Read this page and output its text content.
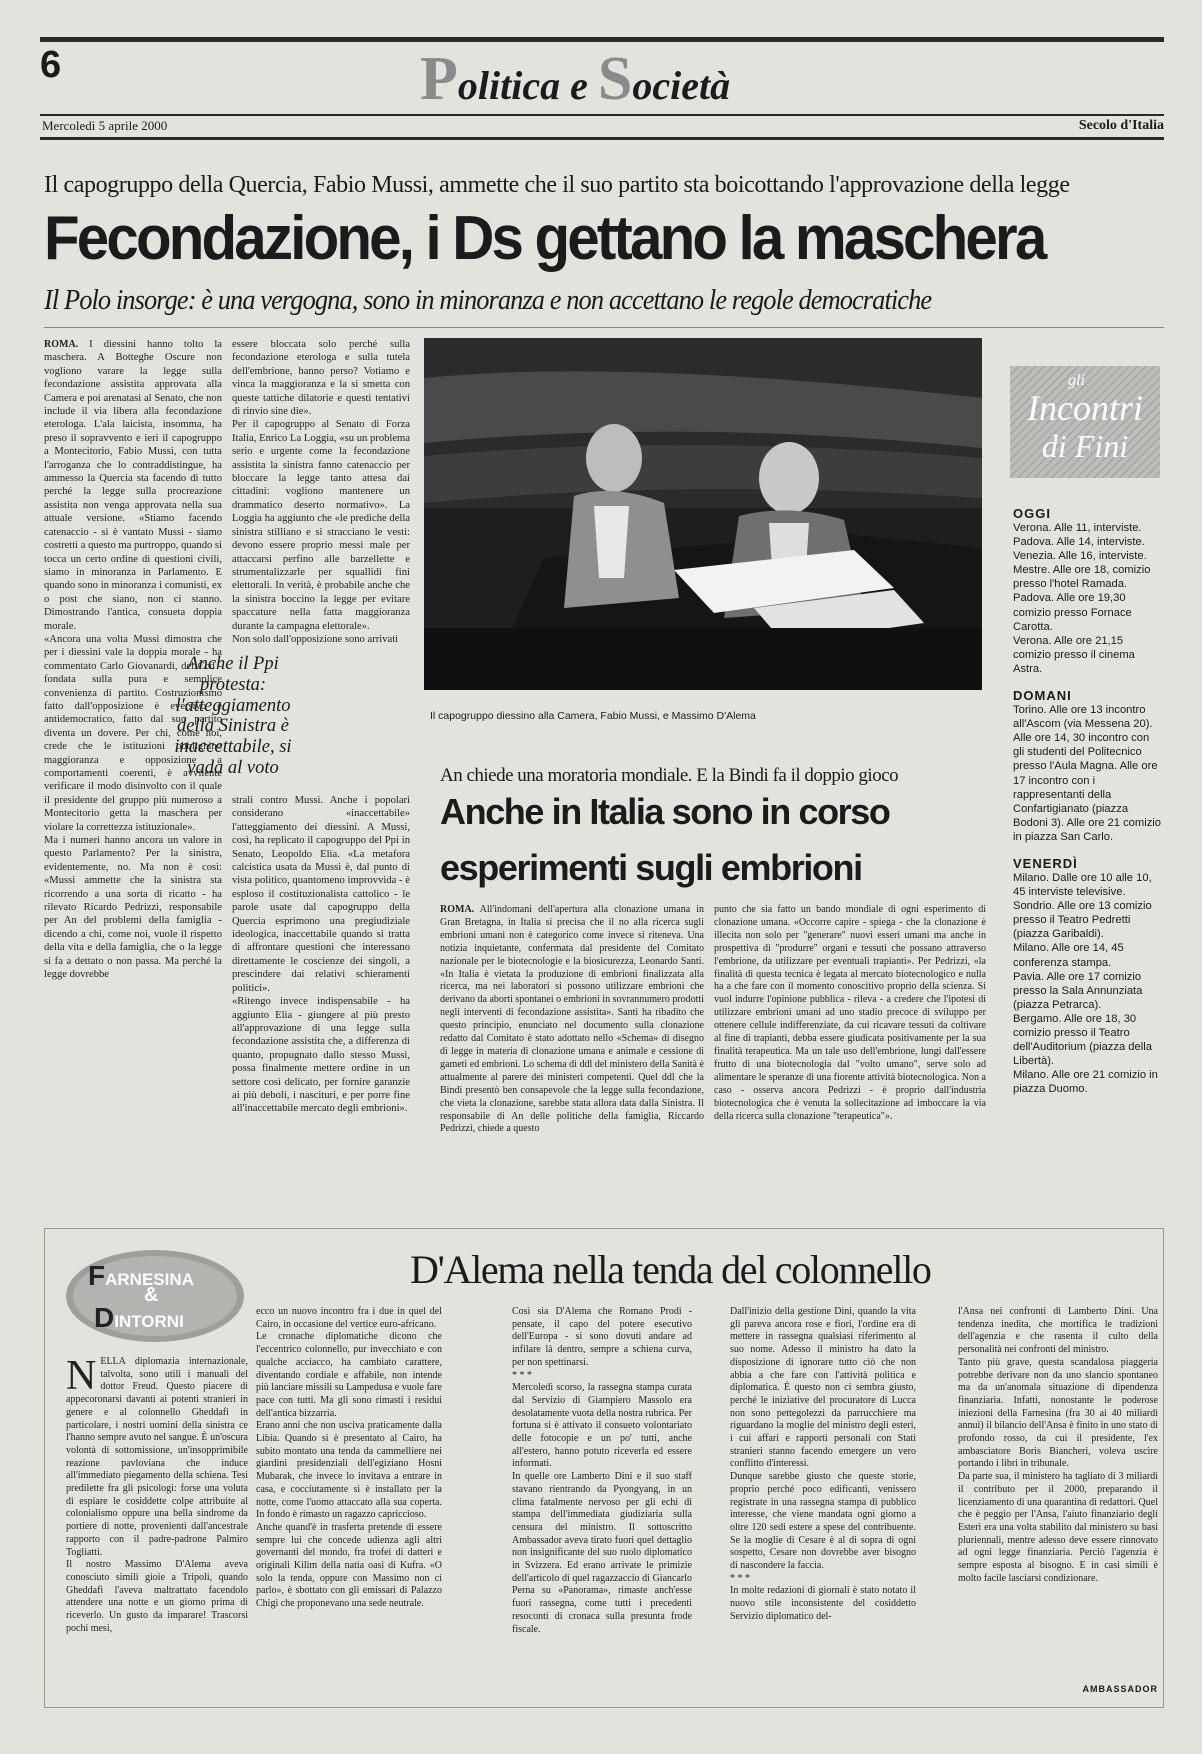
6	Politica e Società
Mercoledì 5 aprile 2000	Secolo d'Italia
Il capogruppo della Quercia, Fabio Mussi, ammette che il suo partito sta boicottando l'approvazione della legge
Fecondazione, i Ds gettano la maschera
Il Polo insorge: è una vergogna, sono in minoranza e non accettano le regole democratiche
ROMA. I diessini hanno tolto la maschera. A Botteghe Oscure non vogliono varare la legge sulla fecondazione assistita approvata alla Camera e poi arenatasi al Senato, che non include il via libera alla fecondazione eterologa. L'ala laicista, insomma, ha preso il sopravvento e ieri il capogruppo a Montecitorio, Fabio Mussi, con tutta l'arroganza che lo contraddistingue, ha ammesso la Quercia sta facendo di tutto perché la legge sulla procreazione assistita non venga approvata nella sua attuale versione. «Stiamo facendo catenaccio - si è vantato Mussi - siamo costretti a questo ma purtroppo, quando si tocca un certo ordine di questioni civili, siamo in minoranza in Parlamento. E quando sono in minoranza i comunisti, ex o post che siano, non ci stanno. Dimostrando l'antica, consueta doppia morale.
«Ancora una volta Mussi dimostra che per i diessini vale la doppia morale - ha commentato Carlo Giovanardi, del Ccd - fondata sulla pura e semplice convenienza di partito. Costruzionismo fatto dall'opposizione è eversivo e antidemocratico, fatto dal suo partito diventa un dovere. Per chi, come noi, crede che le istituzioni obblighino maggioranza e opposizione a comportamenti coerenti, è avvilente verificare il modo disinvolto con il quale il presidente del gruppo più numeroso a Montecitorio getta la maschera per violare la correttezza istituzionale».
Ma i numeri hanno ancora un valore in questo Parlamento? Per la sinistra, evidentemente, no. Ma non è così: «Mussi ammette che la sinistra sta ricorrendo a una sorta di ricatto - ha rilevato Ricardo Pedrizzi, responsabile per An del problemi della famiglia - dicendo a chi, come noi, vuole il rispetto della vita e della famiglia, che o la legge si fa a dettato o non passa. Ma perché la legge dovrebbe
essere bloccata solo perché sulla fecondazione eterologa e sulla tutela dell'embrione, hanno perso? Votiamo e vinca la maggioranza e la si smetta con queste tattiche dilatorie e questi tentativi di rinvio sine die».
Per il capogruppo al Senato di Forza Italia, Enrico La Loggia, «su un problema serio e urgente come la fecondazione assistita la sinistra fanno catenaccio per bloccare la legge tanto attesa dai cittadini: vogliono mantenere un drammatico deserto normativo». La Loggia ha aggiunto che «le prediche della sinistra stilliano e si stracciano le vesti: devono essere proprio messi male per attaccarsi perfino alle barzellette e strumentalizzarle per squallidi fini elettorali. In verità, è probabile anche che la sinistra boccino la legge per evitare spaccature nella fatta maggioranza durante la campagna elettorale».
Non solo dall'opposizione sono arrivati
Anche il Ppi protesta: l'atteggiamento della Sinistra è inaccettabile, si vada al voto
strali contro Mussi. Anche i popolari considerano «inaccettabile» l'atteggiamento dei diessini. A Mussi, così, ha replicato il capogruppo del Ppi in Senato, Leopoldo Elia. «La metafora calcistica usata da Mussi è, dal punto di vista politico, quantomeno improvvida - è esploso il costituzionalista cattolico - le parole usate dal capogruppo della Quercia esprimono una pregiudiziale ideologica, inaccettabile quando si tratta di affrontare questioni che interessano direttamente le coscienze dei singoli, a prescindere dai relativi schieramenti politici».
«Ritengo invece indispensabile - ha aggiunto Elia - giungere al più presto all'approvazione di una legge sulla fecondazione assistita che, a differenza di quanto, propugnato dallo stesso Mussi, possa finalmente mettere ordine in un settore così delicato, per fornire garanzie ai più deboli, i nascituri, e per porre fine all'inaccettabile mercato degli embrioni».
Il capogruppo diessino alla Camera, Fabio Mussi, e Massimo D'Alema
gli
Incontri
di Fini
OGGI
Verona. Alle 11, interviste.
Padova. Alle 14, interviste.
Venezia. Alle 16, interviste.
Mestre. Alle ore 18, comizio presso l'hotel Ramada.
Padova. Alle ore 19,30 comizio presso Fornace Carotta.
Verona. Alle ore 21,15 comizio presso il cinema Astra.
DOMANI
Torino. Alle ore 13 incontro all'Ascom (via Messena 20). Alle ore 14, 30 incontro con gli studenti del Politecnico presso l'Aula Magna. Alle ore 17 incontro con i rappresentanti della Confartigianato (piazza Bodoni 3). Alle ore 21 comizio in piazza San Carlo.
VENERDÌ
Milano. Dalle ore 10 alle 10, 45 interviste televisive.
Sondrio. Alle ore 13 comizio presso il Teatro Pedretti (piazza Garibaldi).
Milano. Alle ore 14, 45 conferenza stampa.
Pavia. Alle ore 17 comizio presso la Sala Annunziata (piazza Petrarca).
Bergamo. Alle ore 18, 30 comizio presso il Teatro dell'Auditorium (piazza della Libertà).
Milano. Alle ore 21 comizio in piazza Duomo.
An chiede una moratoria mondiale. E la Bindi fa il doppio gioco
Anche in Italia sono in corso
esperimenti sugli embrioni
ROMA. All'indomani dell'apertura alla clonazione umana in Gran Bretagna, in Italia si precisa che il no alla ricerca sugli embrioni umani non è categorico come invece si riteneva. Una notizia inquietante, confermata dal presidente del Comitato nazionale per le biotecnologie e la biosicurezza, Leonardo Santi. «In Italia è vietata la produzione di embrioni finalizzata alla ricerca, ma nei laboratori si possono utilizzare embrioni che derivano da aborti spontanei o embrioni in sovrannumero prodotti negli interventi di fecondazione assistita». Santi ha ribadito che questo principio, enunciato nel documento sulla clonazione redatto dal Comitato è stato adottato nello «Schema» di disegno di legge in materia di clonazione umana e animale e cessione di gameti ed embrioni. Lo schema di ddl del ministero della Sanità è attualmente al parere dei ministeri competenti. Quel ddl che la Bindi presentò ben consapevole che la legge sulla fecondazione, che vieta la clonazione, sarebbe stata allora data dalla Sinistra. Il responsabile di An delle politiche della famiglia, Riccardo Pedrizzi, chiede a questo
punto che sia fatto un bando mondiale di ogni esperimento di clonazione umana. «Occorre capire - spiega - che la clonazione è illecita non solo per "generare" nuovi esseri umani ma anche in prospettiva di "produrre" organi e tessuti che possano attraverso l'embrione, da utilizzare per eventuali trapianti». Per Pedrizzi, «la finalità di questa tecnica è legata al mercato biotecnologico e nulla ha a che fare con il momento conoscitivo proprio della scienza. Si vuol indurre l'opinione pubblica - rileva - a credere che l'ipotesi di utilizzare embrioni umani ad uno stadio precoce di sviluppo per ottenere cellule indifferenziate, da cui ricavare tessuti da coltivare al fine di trapianti, debba essere giudicata positivamente per la sua finalità terapeutica. Ma un tale uso dell'embrione, lungi dall'essere frutto di una biotecnologia dal "volto umano", serve solo ad alimentare le speranze di una fiorente attività biotecnologica. Non a caso - osserva ancora Pedrizzi - è proprio dall'industria biotecnologica che è venuta la sollecitazione ad imboccare la via della ricerca sulla clonazione "terapeutica"».
FARNESINA
&
DINTORNI
D'Alema nella tenda del colonnello
NELLA diplomazia internazionale, talvolta, sono utili i manuali del dottor Freud. Questo piacere di appecoronarsi davanti ai potenti stranieri in genere e al colonnello Gheddafi in particolare, i nostri uomini della sinistra ce l'hanno sempre avuto nel sangue. È un'oscura volontà di sottomissione, un'insopprimibile reazione pavloviana che induce all'immediato piegamento della schiena. Tesi predilette fra gli psicologi: forse una voluta di espiare le cosiddette colpe attribuite al colonialismo oppure una bella sindrome da portiere di notte, provenienti dall'ancestrale rapporto con il padre-padrone Palmiro Togliatti.
Il nostro Massimo D'Alema aveva conosciuto simili gioie a Tripoli, quando Gheddafi l'aveva maltrattato facendolo attendere una notte e un giorno prima di riceverlo. Un gusto da imparare! Trascorsi pochi mesi,
ecco un nuovo incontro fra i due in quel del Cairo, in occasione del vertice euro-africano.
Le cronache diplomatiche dicono che l'eccentrico colonnello, pur invecchiato e con qualche acciacco, ha cambiato carattere, diventando cordiale e affabile, non intende più lanciare missili su Lampedusa e vuole fare pace con tutti. Ma gli sono rimasti i residui dell'antica bizzarria.
Erano anni che non usciva praticamente dalla Libia. Quando si è presentato al Cairo, ha subito montato una tenda da cammelliere nei giardini presidenziali dell'egiziano Hosni Mubarak, che invece lo invitava a entrare in casa, e cocciutamente si è installato per la notte, come l'uomo attaccato alla sua coperta. In fondo è rimasto un ragazzo capriccioso.
Anche quand'è in trasferta pretende di essere sempre lui che concede udienza agli altri governanti del mondo, fra trofei di datteri e originali Kilim della natia oasi di Kufra. «O solo la tenda, oppure con Massimo non ci parlo», è sbottato con gli emissari di Palazzo Chigi che proponevano una sede neutrale.
Così sia D'Alema che Romano Prodi - pensate, il capo del potere esecutivo dell'Europa - si sono dovuti andare ad infilare là dentro, sempre a schiena curva, per non spettinarsi.
* * *
Mercoledì scorso, la rassegna stampa curata dal Servizio di Giampiero Massolo era desolatamente vuota della nostra rubrica. Per fortuna si è attivato il consueto volontariato delle fotocopie e un po' tutti, anche all'estero, hanno potuto riceverla ed essere informati.
In quelle ore Lamberto Dini e il suo staff stavano rientrando da Pyongyang, in un clima fatalmente nervoso per gli echi di stampa dell'immediata giudiziaria sulla censura del ministro. Il sottoscritto Ambassador aveva tirato fuori quel dettaglio non insignificante del suo ruolo diplomatico in Svizzera. Ed erano arrivate le primizie dell'articolo di quel ragazzaccio di Giancarlo Perna su «Panorama», rimaste anch'esse fuori rassegna, come tutti i precedenti resoconti di cronaca sulla presunta frode fiscale.
Dall'inizio della gestione Dini, quando la vita gli pareva ancora rose e fiori, l'ordine era di mettere in rassegna qualsiasi riferimento al suo nome. Adesso il ministro ha dato la disposizione di ignorare tutto ciò che non abbia a che fare con l'attività politica e diplomatica. È questo non ci sembra giusto, perché le iniziative del procuratore di Lucca non sono pettegolezzi da parrucchiere ma riguardano la moglie del ministro degli esteri, i cui affari e rapporti personali con Stati stranieri stanno facendo emergere un vero conflitto d'interessi.
Dunque sarebbe giusto che queste storie, proprio perché poco edificanti, venissero registrate in una rassegna stampa di pubblico interesse, che viene mandata ogni giorno a oltre 120 sedi estere a spese del contribuente. Se la moglie di Cesare è al di sopra di ogni sospetto, Cesare non dovrebbe aver bisogno di nascondere la faccia.
* * *
In molte redazioni di giornali è stato notato il nuovo stile inconsistente del cosiddetto Servizio diplomatico del-
l'Ansa nei confronti di Lamberto Dini. Una tendenza inedita, che mortifica le tradizioni dell'agenzia e che rasenta il culto della personalità nei confronti del ministro.
Tanto più grave, questa scandalosa piaggeria potrebbe derivare non da uno slancio spontaneo ma da un'anomala situazione di dipendenza finanziaria. Infatti, nonostante le poderose iniezioni della Farnesina (fra 30 ai 40 miliardi annui) il bilancio dell'Ansa è finito in uno stato di profondo rosso, da cui il presidente, l'ex ambasciatore Boris Biancheri, voleva uscire portando i libri in tribunale.
Da parte sua, il ministero ha tagliato di 3 miliardi il contributo per il 2000, preparando il licenziamento di una quarantina di redattori. Quel che è peggio per l'Ansa, l'aiuto finanziario degli Esteri era una volta stabilito dal ministero su basi pluriennali, mentre adesso deve essere rinnovato ad ogni legge finanziaria. Perciò l'agenzia è sempre esposta al bisogno. E in casi simili è molto facile lasciarsi condizionare.
AMBASSADOR
